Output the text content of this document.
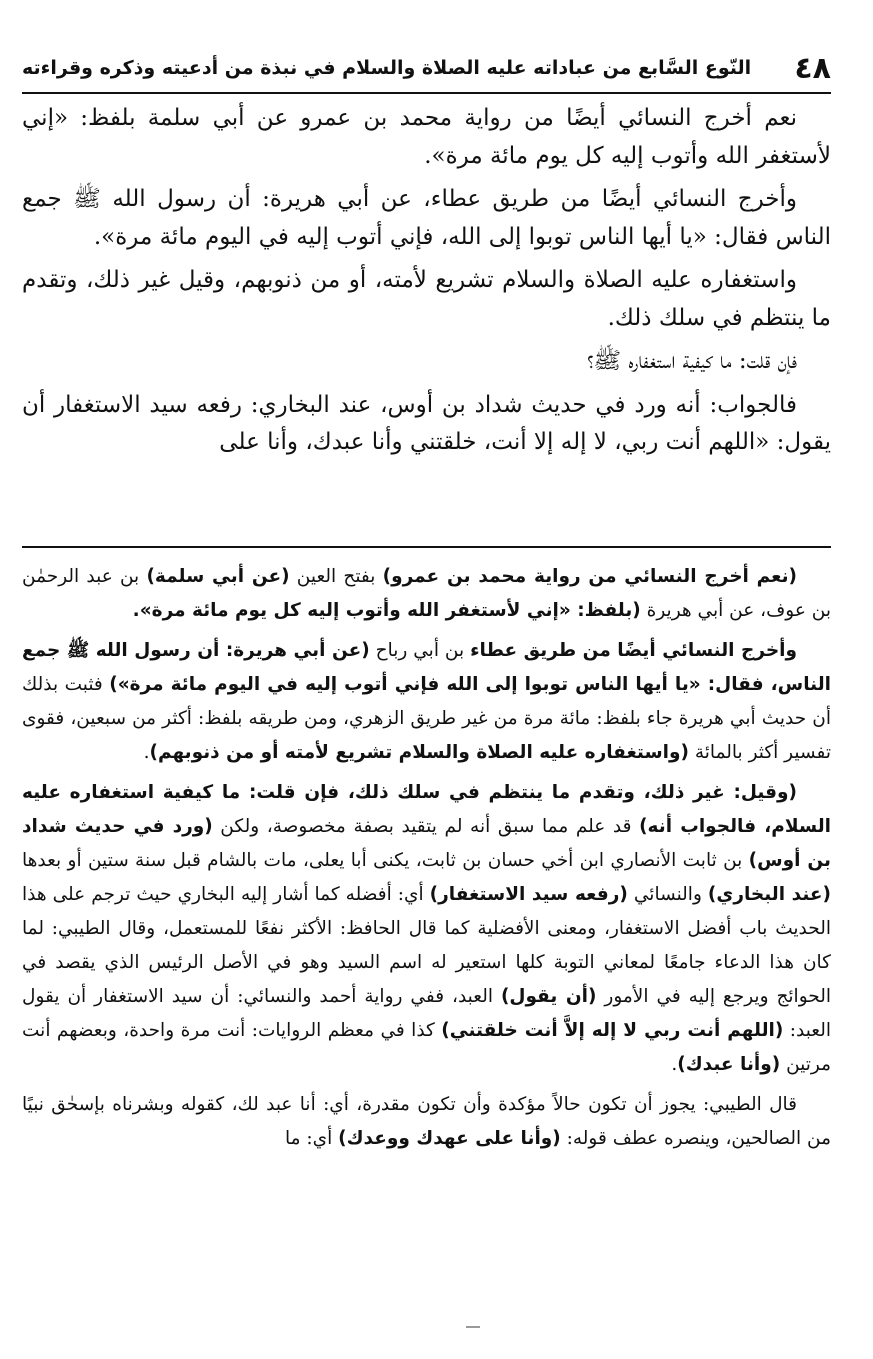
٤٨
النّوع السَّابع من عباداته عليه الصلاة والسلام في نبذة من أدعيته وذكره وقراءته

نعم أخرج النسائي أيضًا من رواية محمد بن عمرو عن أبي سلمة بلفظ: «إني لأستغفر الله وأتوب إليه كل يوم مائة مرة».

وأخرج النسائي أيضًا من طريق عطاء، عن أبي هريرة: أن رسول الله ﷺ جمع الناس فقال: «يا أيها الناس توبوا إلى الله، فإني أتوب إليه في اليوم مائة مرة».

واستغفاره عليه الصلاة والسلام تشريع لأمته، أو من ذنوبهم، وقيل غير ذلك، وتقدم ما ينتظم في سلك ذلك.

فإن قلت: ما كيفية استغفاره ﷺ؟

فالجواب: أنه ورد في حديث شداد بن أوس، عند البخاري: رفعه سيد الاستغفار أن يقول: «اللهم أنت ربي، لا إله إلا أنت، خلقتني وأنا عبدك، وأنا على

(نعم أخرج النسائي من رواية محمد بن عمرو) بفتح العين (عن أبي سلمة) بن عبد الرحمٰن بن عوف، عن أبي هريرة (بلفظ: «إني لأستغفر الله وأتوب إليه كل يوم مائة مرة».

وأخرج النسائي أيضًا من طريق عطاء بن أبي رباح (عن أبي هريرة: أن رسول الله ﷺ جمع الناس، فقال: «يا أيها الناس توبوا إلى الله فإني أتوب إليه في اليوم مائة مرة») فثبت بذلك أن حديث أبي هريرة جاء بلفظ: مائة مرة من غير طريق الزهري، ومن طريقه بلفظ: أكثر من سبعين، فقوى تفسير أكثر بالمائة (واستغفاره عليه الصلاة والسلام تشريع لأمته أو من ذنوبهم).

(وقيل: غير ذلك، وتقدم ما ينتظم في سلك ذلك، فإن قلت: ما كيفية استغفاره عليه السلام، فالجواب أنه) قد علم مما سبق أنه لم يتقيد بصفة مخصوصة، ولكن (ورد في حديث شداد بن أوس) بن ثابت الأنصاري ابن أخي حسان بن ثابت، يكنى أبا يعلى، مات بالشام قبل سنة ستين أو بعدها (عند البخاري) والنسائي (رفعه سيد الاستغفار) أي: أفضله كما أشار إليه البخاري حيث ترجم على هذا الحديث باب أفضل الاستغفار، ومعنى الأفضلية كما قال الحافظ: الأكثر نفعًا للمستعمل، وقال الطيبي: لما كان هذا الدعاء جامعًا لمعاني التوبة كلها استعير له اسم السيد وهو في الأصل الرئيس الذي يقصد في الحوائج ويرجع إليه في الأمور (أن يقول) العبد، ففي رواية أحمد والنسائي: أن سيد الاستغفار أن يقول العبد: (اللهم أنت ربي لا إله إلاَّ أنت خلقتني) كذا في معظم الروايات: أنت مرة واحدة، وبعضهم أنت مرتين (وأنا عبدك).

قال الطيبي: يجوز أن تكون حالاً مؤكدة وأن تكون مقدرة، أي: أنا عبد لك، كقوله وبشرناه بإسحٰق نبيًا من الصالحين، وينصره عطف قوله: (وأنا على عهدك ووعدك) أي: ما
